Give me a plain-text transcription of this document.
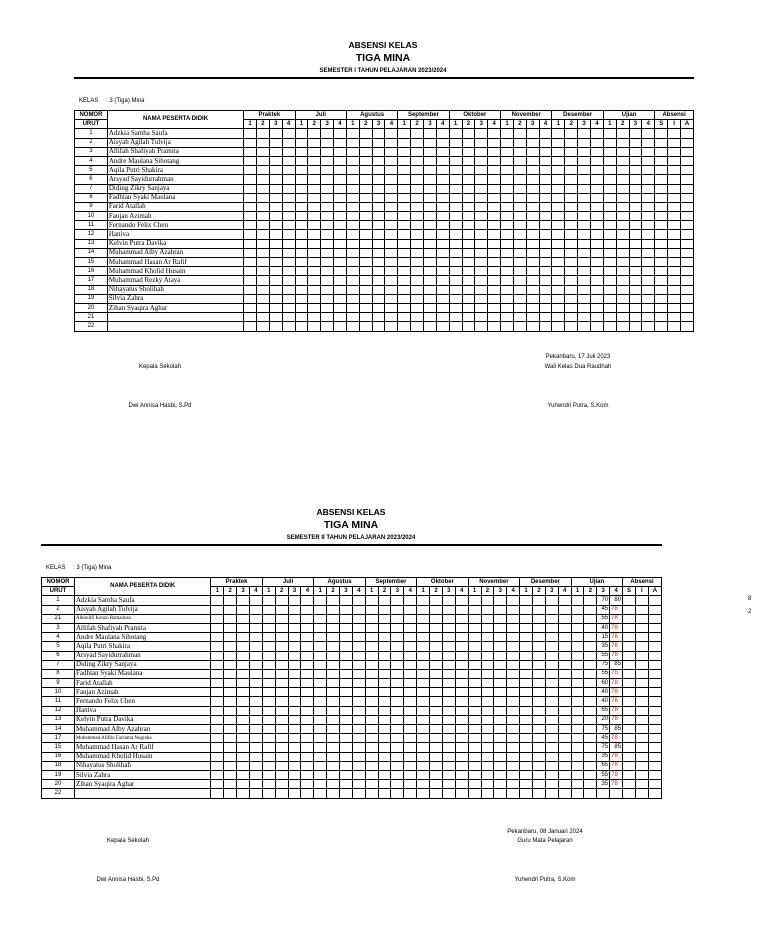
ABSENSI KELAS
TIGA MINA
SEMESTER I TAHUN PELAJARAN 2023/2024
KELAS : 3 (Tiga) Mina
NOMOR	NAMA PESERTA DIDIK	Praktek				Juli				Agustus				September				Oktober				November				Desember				Ujian				Absensi		
URUT		1	2	3	4	1	2	3	4	1	2	3	4	1	2	3	4	1	2	3	4	1	2	3	4	1	2	3	4	1	2	3	4	S	I	A
1	Adzkia Samha Saufa																																			
2	Aisyah Agilah Tulvija																																			
3	Allifah Shafiyah Pramita																																			
4	Andre Maulana Sihotang																																			
5	Aqila Putri Shakira																																			
6	Arsyad Sayidurrahman																																			
7	Diding Zikry Sanjaya																																			
8	Fadhlan Syaki Maulana																																			
9	Farid Atallah																																			
10	Faujan Azimah																																			
11	Fernando Felix Chen																																			
12	Haniva																																			
13	Kelvin Putra Davika																																			
14	Muhammad Alby Azahran																																			
15	Muhammad Hasan Ar Rafif																																			
16	Muhammad Kholid Husain																																			
17	Muhammad Rezky Ataya																																			
18	Nihayatus Sholihah																																			
19	Silvia Zahra																																			
20	Zihan Syaqira Aghar																																			
21																																				
22																																				
Pekanbaru, 17 Juli 2023
Kepala Sekolah	Wali Kelas Dua Raudhah
Dwi Annisa Hasbi, S.Pd	Yuhendri Putra, S.Kom
ABSENSI KELAS
TIGA MINA
SEMESTER II TAHUN PELAJARAN 2023/2024
KELAS : 3 (Tiga) Mina
NOMOR	NAMA PESERTA DIDIK	Praktek				Juli				Agustus				September				Oktober				November				Desember				Ujian				Absensi		
URUT		1	2	3	4	1	2	3	4	1	2	3	4	1	2	3	4	1	2	3	4	1	2	3	4	1	2	3	4	1	2	3	4	S	I	A
1	Adzkia Samha Saufa																															70	80			
2	Aisyah Agilah Tulvija																															45	78			
21	Alkholifi Kenzo Ramadzan																															55	78			
3	Allifah Shafiyah Pramita																															40	78			
4	Andre Maulana Sihotang																															15	78			
5	Aqila Putri Shakira																															35	78			
6	Arsyad Sayidurrahman																															55	78			
7	Diding Zikry Sanjaya																															75	85			
8	Fadhlan Syaki Maulana																															55	78			
9	Farid Atallah																															60	78			
10	Faujan Azimah																															40	78			
11	Fernando Felix Chen																															40	78			
12	Haniva																															65	78			
13	Kelvin Putra Davika																															20	78			
14	Muhammad Alby Azahran																															75	85			
17	Muhammad Afiflio Farzama Nugraha																															45	78			
15	Muhammad Hasan Ar Rafif																															75	85			
16	Muhammad Kholid Husain																															35	78			
18	Nihayatus Sholihah																															65	78			
19	Silvia Zahra																															55	78			
20	Zihan Syaqira Aghar																															35	78			
22																																				
8
2
Pekanbaru, 08 Januari 2024
Kepala Sekolah	Guru Mata Pelajaran
Dwi Annisa Hasbi, S.Pd	Yuhendri Putra, S.Kom
